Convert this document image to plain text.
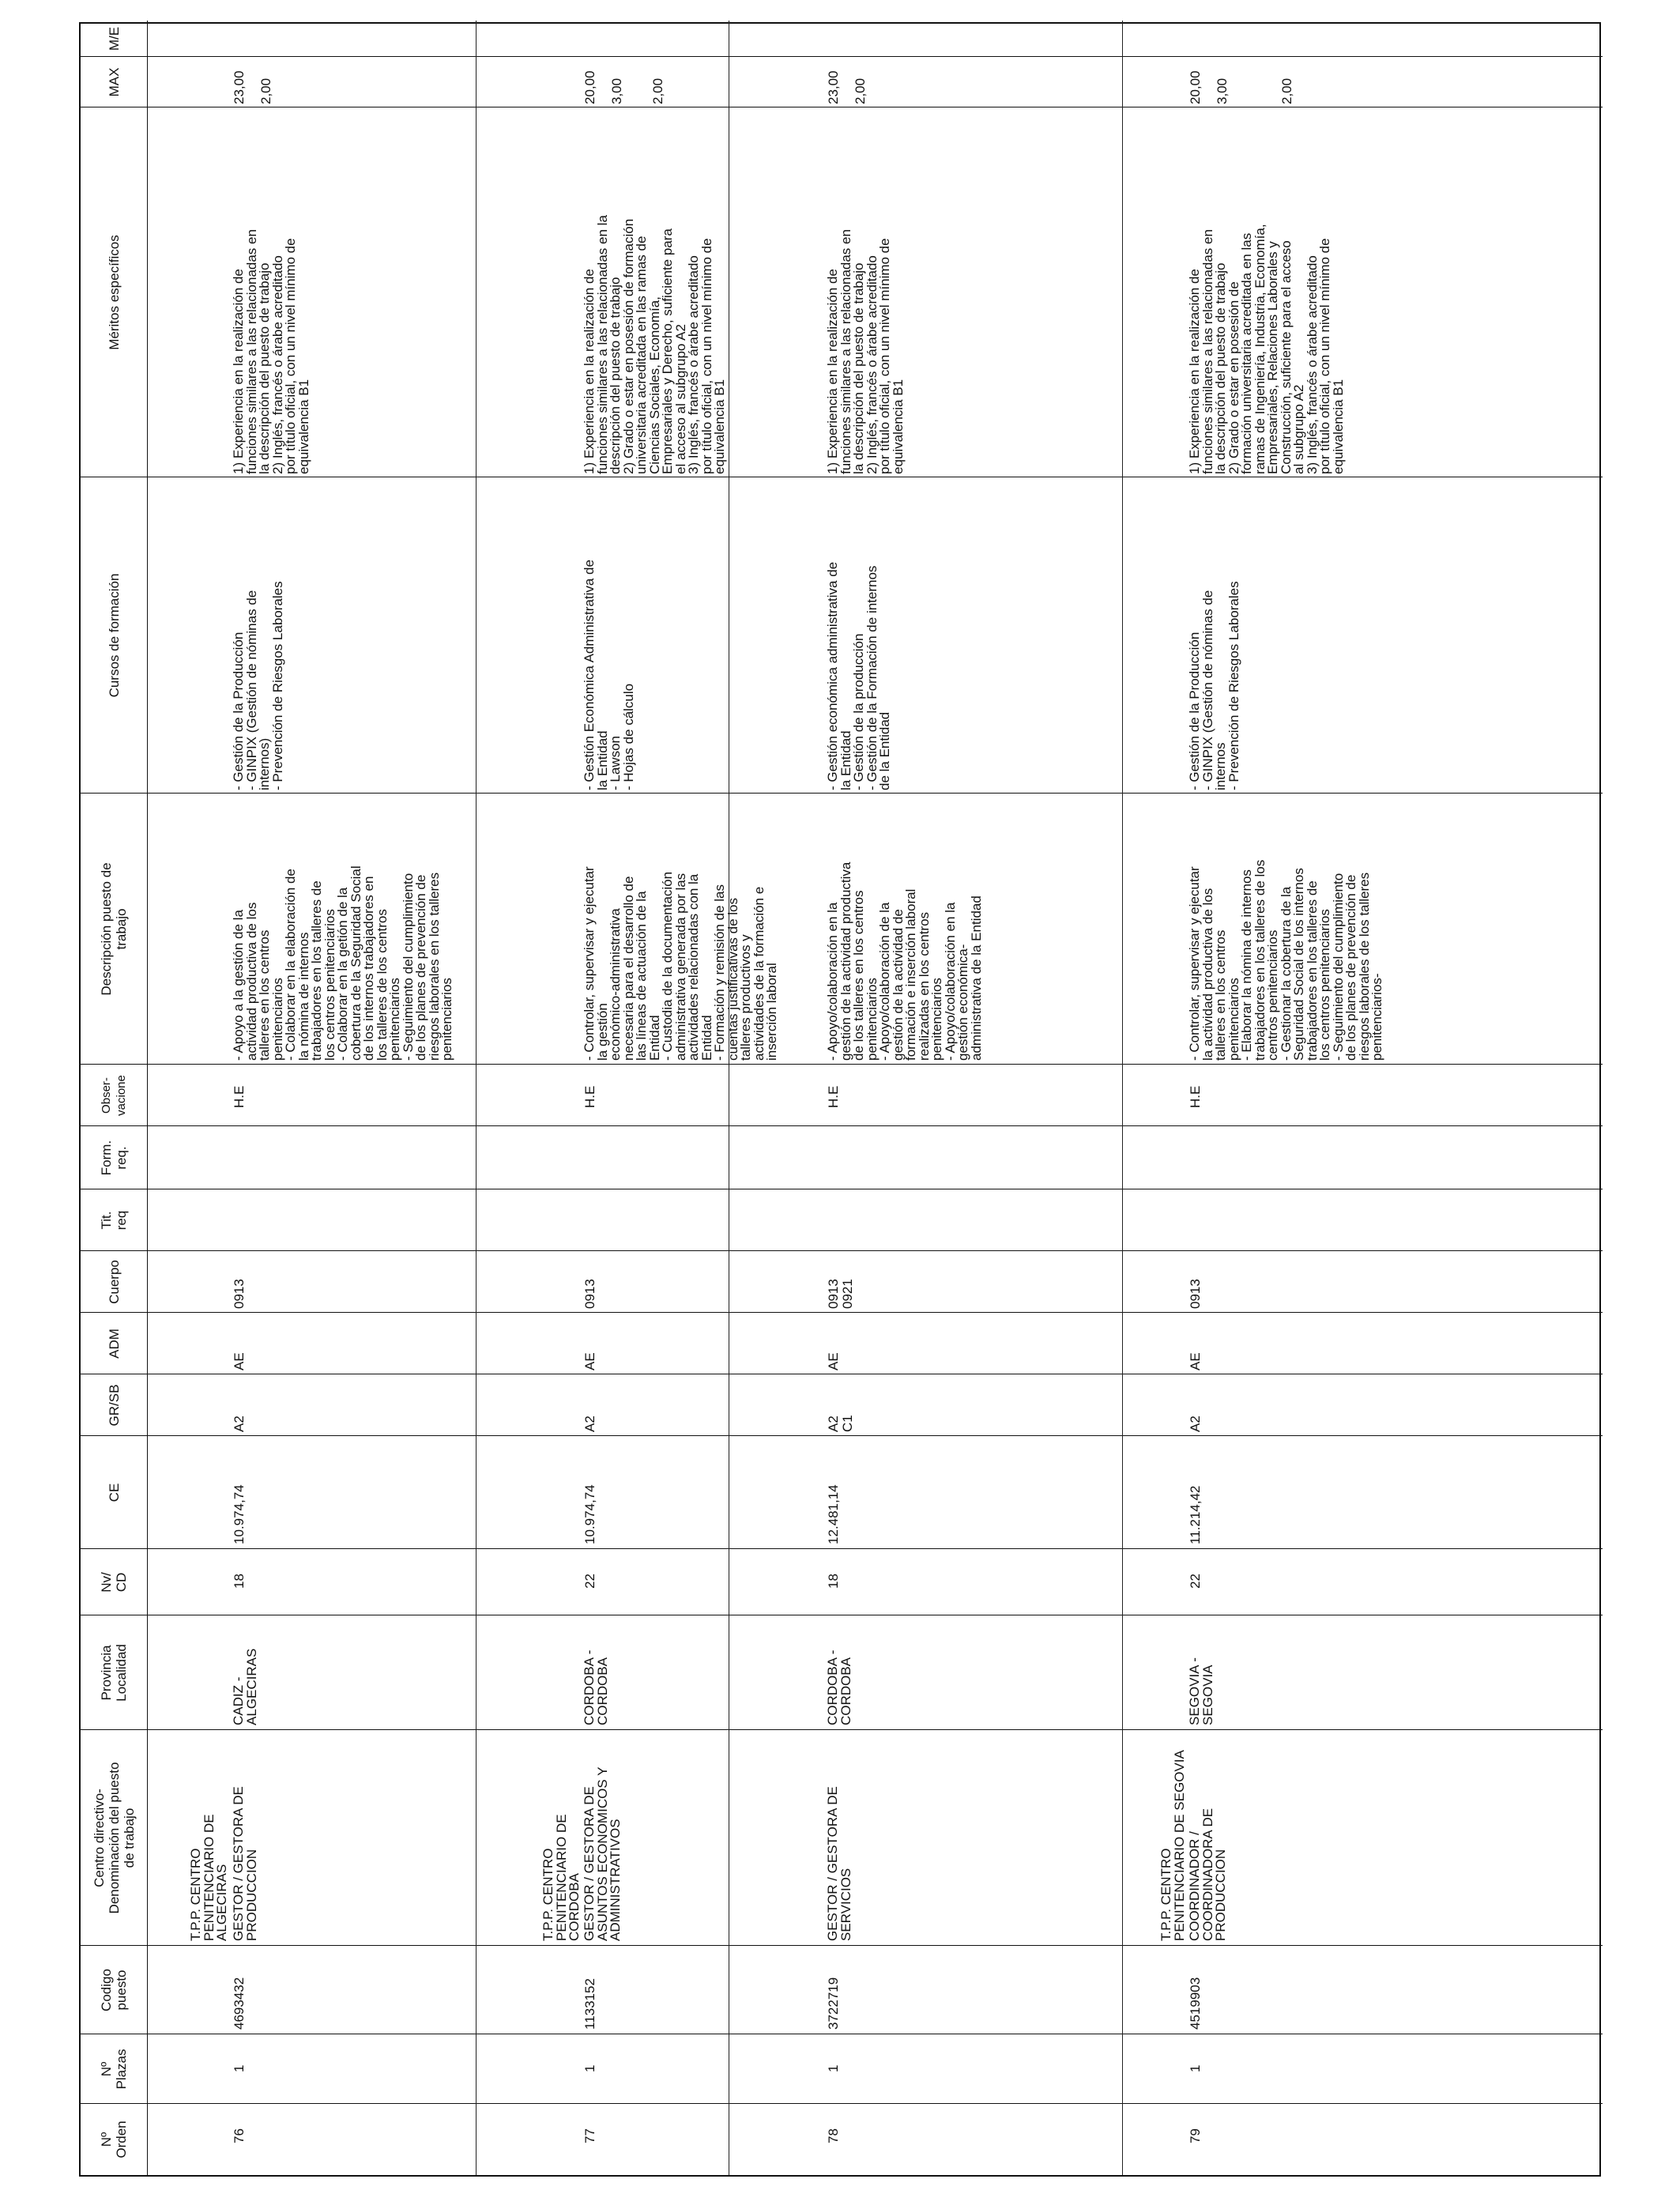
Nº
Orden
Nº
Plazas
Codigo
puesto
Centro directivo-
Denominación del puesto
de trabajo
Provincia
Localidad
Nv/
CD
CE
GR/SB
ADM
Cuerpo
Tit.
req
Form.
req.
Obser-
vacione
Descripción puesto de
trabajo
Cursos de formación
Méritos específicos
MAX
M/E
T.P.P. CENTRO
PENITENCIARIO DE
ALGECIRAS
76
1
4693432
GESTOR / GESTORA DE
PRODUCCION
CADIZ -
ALGECIRAS
18
10.974,74
A2
AE
0913
H.E
- Apoyo a la gestión de la
actividad productiva de los
talleres en los centros
penitenciarios
- Colaborar en la elaboración de
la nómina de internos
trabajadores en los talleres de
los centros penitenciarios
- Colaborar en la getión de la
cobertura de la Seguridad Social
de los internos trabajadores en
los talleres de los centros
penitenciarios
- Seguimiento del cumplimiento
de los planes de prevención de
riesgos laborales en los talleres
penitenciarios
- Gestión de la Producción
- GINPIX (Gestión de nóminas de
internos)
- Prevención de Riesgos Laborales
1) Experiencia en la realización de
funciones similares a las relacionadas en
la descripción del puesto de trabajo
2) Inglés, francés o árabe acreditado
por título oficial, con un nivel mínimo de
equivalencia B1
23,00 2,00
T.P.P. CENTRO
PENITENCIARIO DE
CORDOBA
77
1
1133152
GESTOR / GESTORA DE
ASUNTOS ECONOMICOS Y
ADMINISTRATIVOS
CORDOBA -
CORDOBA
22
10.974,74
A2
AE
0913
H.E
- Controlar, supervisar y ejecutar
la gestión
económico-administrativa
necesaria para el desarrollo de
las líneas de actuación de la
Entidad
- Custodia de la documentación
administrativa generada por las
actividades relacionadas con la
Entidad
- Formación y remisión de las
cuentas justificativas de los
talleres productivos y
actividades de la formación e
inserción laboral
- Gestión Económica Administrativa de
la Entidad
- Lawson
- Hojas de cálculo
1) Experiencia en la realización de
funciones similares a las relacionadas en la
descripción del puesto de trabajo
2) Grado o estar en posesión de formación
universitaria acreditada en las ramas de
Ciencias Sociales, Economía,
Empresariales y Derecho, suficiente para
el acceso al subgrupo A2
3) Inglés, francés o árabe acreditado
por título oficial, con un nivel mínimo de
equivalencia B1
20,00 3,00 2,00
78
1
3722719
GESTOR / GESTORA DE
SERVICIOS
CORDOBA -
CORDOBA
18
12.481,14
A2
C1
AE
0913
0921
H.E
- Apoyo/colaboración en la
gestión de la actividad productiva
de los talleres en los centros
penitenciarios
- Apoyo/colaboración de la
gestión de la actividad de
formación e inserción laboral
realizadas en los centros
penitenciarios
- Apoyo/colaboración en la
gestión económica-
administrativa de la Entidad
- Gestión económica administrativa de
la Entidad
- Gestión de la producción
- Gestión de la Formación de internos
de la Entidad
1) Experiencia en la realización de
funciones similares a las relacionadas en
la descripción del puesto de trabajo
2) Inglés, francés o árabe acreditado
por título oficial, con un nivel mínimo de
equivalencia B1
23,00 2,00
T.P.P. CENTRO
PENITENCIARIO DE SEGOVIA
79
1
4519903
COORDINADOR /
COORDINADORA DE
PRODUCCION
SEGOVIA -
SEGOVIA
22
11.214,42
A2
AE
0913
H.E
- Controlar, supervisar y ejecutar
la actividad productiva de los
talleres en los centros
penitenciarios
- Elaborar la nómina de internos
trabajadores en los talleres de los
centros penitenciarios
- Gestionar la cobertura de la
Seguridad Social de los internos
trabajadores en los talleres de
los centros penitenciarios
- Seguimiento del cumplimiento
de los planes de prevención de
riesgos laborales de los talleres
penitenciarios-
- Gestión de la Producción
- GINPIX (Gestión de nóminas de
internos
- Prevención de Riesgos Laborales
1) Experiencia en la realización de
funciones similares a las relacionadas en
la descripción del puesto de trabajo
2) Grado o estar en posesión de
formación universitaria acreditada en las
ramas de Ingeniería, Industria, Economía,
Empresariales, Relaciones Laborales y
Construcción, suficiente para el acceso
al subgrupo A2
3) Inglés, francés o árabe acreditado
por título oficial, con un nivel mínimo de
equivalencia B1
20,00 3,00	2,00
